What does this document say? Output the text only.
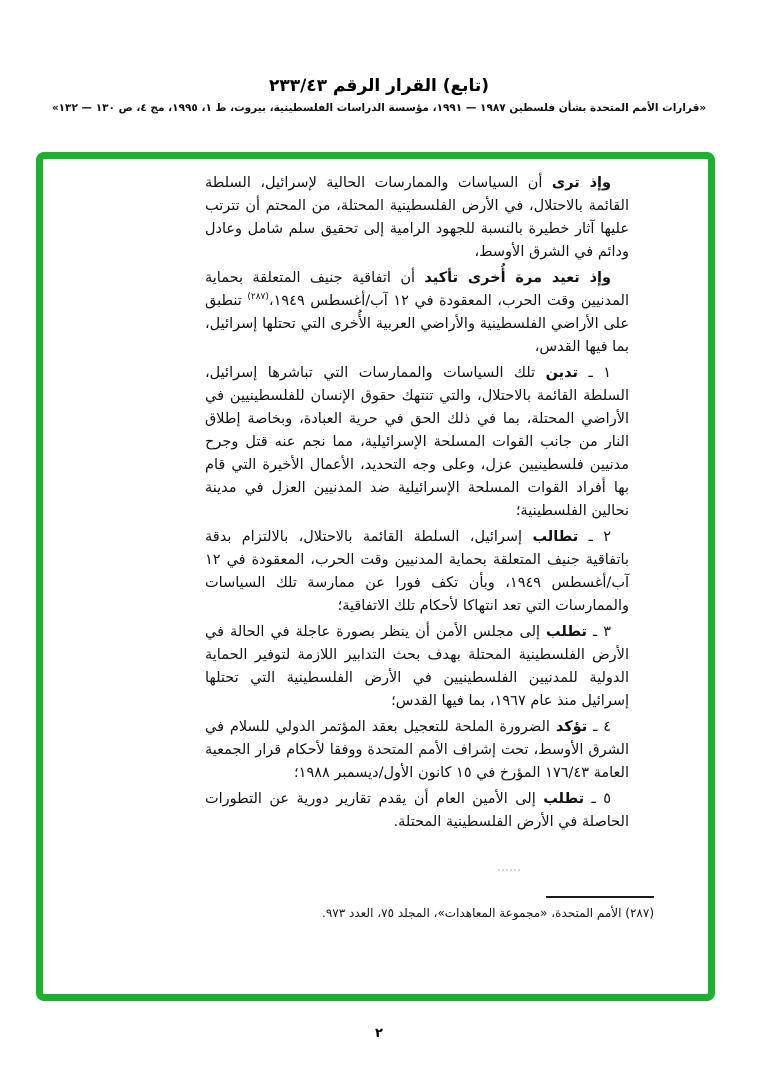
(تابع) القرار الرقم ٢٣٣/٤٣
«قرارات الأمم المتحدة بشأن فلسطين ١٩٨٧ — ١٩٩١، مؤسسة الدراسات الفلسطينية، بيروت، ط ١، ١٩٩٥، مج ٤، ص ١٣٠ — ١٣٢»

وإذ ترى أن السياسات والممارسات الحالية لإسرائيل، السلطة القائمة بالاحتلال، في الأرض الفلسطينية المحتلة، من المحتم أن تترتب عليها آثار خطيرة بالنسبة للجهود الرامية إلى تحقيق سلم شامل وعادل ودائم في الشرق الأوسط،

وإذ تعيد مرة أُخرى تأكيد أن اتفاقية جنيف المتعلقة بحماية المدنيين وقت الحرب، المعقودة في ١٢ آب/أغسطس ١٩٤٩،$^{(٢٨٧)}$ تنطبق على الأراضي الفلسطينية والأراضي العربية الأُخرى التي تحتلها إسرائيل، بما فيها القدس،

١ ـ تدين تلك السياسات والممارسات التي تباشرها إسرائيل، السلطة القائمة بالاحتلال، والتي تنتهك حقوق الإنسان للفلسطينيين في الأراضي المحتلة، بما في ذلك الحق في حرية العبادة، وبخاصة إطلاق النار من جانب القوات المسلحة الإسرائيلية، مما نجم عنه قتل وجرح مدنيين فلسطينيين عزل، وعلى وجه التحديد، الأعمال الأخيرة التي قام بها أفراد القوات المسلحة الإسرائيلية ضد المدنيين العزل في مدينة نحالين الفلسطينية؛

٢ ـ تطالب إسرائيل، السلطة القائمة بالاحتلال، بالالتزام بدقة باتفاقية جنيف المتعلقة بحماية المدنيين وقت الحرب، المعقودة في ١٢ آب/أغسطس ١٩٤٩، وبأن تكف فورا عن ممارسة تلك السياسات والممارسات التي تعد انتهاكا لأحكام تلك الاتفاقية؛

٣ ـ تطلب إلى مجلس الأمن أن ينظر بصورة عاجلة في الحالة في الأرض الفلسطينية المحتلة بهدف بحث التدابير اللازمة لتوفير الحماية الدولية للمدنيين الفلسطينيين في الأرض الفلسطينية التي تحتلها إسرائيل منذ عام ١٩٦٧، بما فيها القدس؛

٤ ـ تؤكد الضرورة الملحة للتعجيل بعقد المؤتمر الدولي للسلام في الشرق الأوسط، تحت إشراف الأمم المتحدة ووفقا لأحكام قرار الجمعية العامة ١٧٦/٤٣ المؤرخ في ١٥ كانون الأول/ديسمبر ١٩٨٨؛

٥ ـ تطلب إلى الأمين العام أن يقدم تقارير دورية عن التطورات الحاصلة في الأرض الفلسطينية المحتلة.

(٢٨٧) الأمم المتحدة، «مجموعة المعاهدات»، المجلد ٧٥، العدد ٩٧٣.
٢
